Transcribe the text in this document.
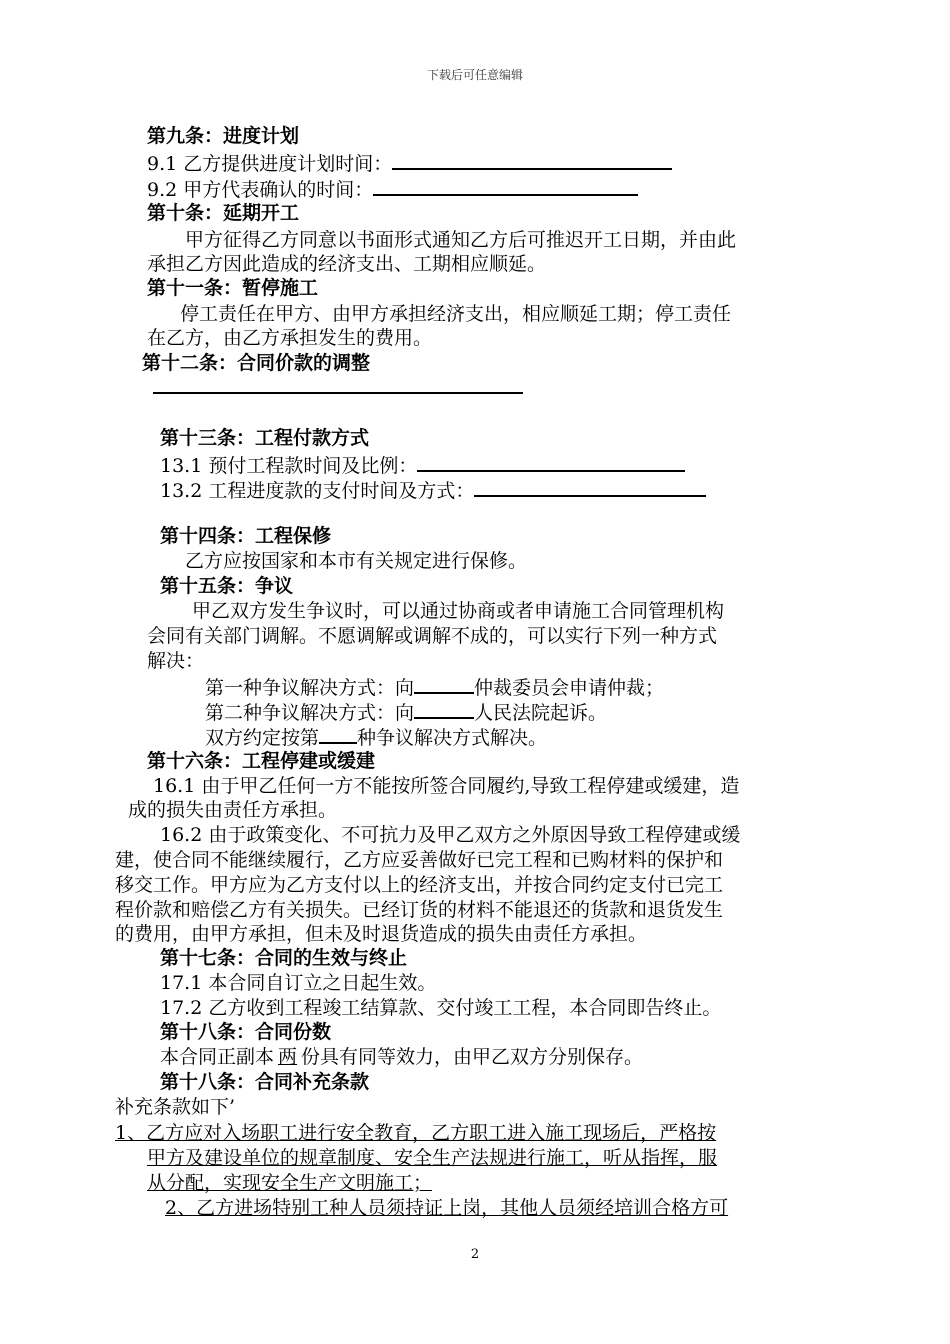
下载后可任意编辑
第九条：进度计划
9.1 乙方提供进度计划时间：
9.2 甲方代表确认的时间：
第十条：延期开工
甲方征得乙方同意以书面形式通知乙方后可推迟开工日期，并由此
承担乙方因此造成的经济支出、工期相应顺延。
第十一条：暂停施工
停工责任在甲方、由甲方承担经济支出，相应顺延工期；停工责任
在乙方，由乙方承担发生的费用。
第十二条：合同价款的调整
第十三条：工程付款方式
13.1 预付工程款时间及比例：
13.2 工程进度款的支付时间及方式：
第十四条：工程保修
乙方应按国家和本市有关规定进行保修。
第十五条：争议
甲乙双方发生争议时，可以通过协商或者申请施工合同管理机构
会同有关部门调解。不愿调解或调解不成的，可以实行下列一种方式
解决：
第一种争议解决方式：向	仲裁委员会申请仲裁；
第二种争议解决方式：向	人民法院起诉。
双方约定按第 种争议解决方式解决。
第十六条：工程停建或缓建
16.1 由于甲乙任何一方不能按所签合同履约,导致工程停建或缓建，造
成的损失由责任方承担。
16.2 由于政策变化、不可抗力及甲乙双方之外原因导致工程停建或缓
建，使合同不能继续履行，乙方应妥善做好已完工程和已购材料的保护和
移交工作。甲方应为乙方支付以上的经济支出，并按合同约定支付已完工
程价款和赔偿乙方有关损失。已经订货的材料不能退还的货款和退货发生
的费用，由甲方承担，但未及时退货造成的损失由责任方承担。
第十七条：合同的生效与终止
17.1 本合同自订立之日起生效。
17.2 乙方收到工程竣工结算款、交付竣工工程，本合同即告终止。
第十八条：合同份数
本合同正副本 两 份具有同等效力，由甲乙双方分别保存。
第十八条：合同补充条款
补充条款如下’
1、乙方应对入场职工进行安全教育，乙方职工进入施工现场后，严格按
甲方及建设单位的规章制度、安全生产法规进行施工，听从指挥，服
从分配，实现安全生产文明施工；
2、乙方进场特别工种人员须持证上岗，其他人员须经培训合格方可
2
